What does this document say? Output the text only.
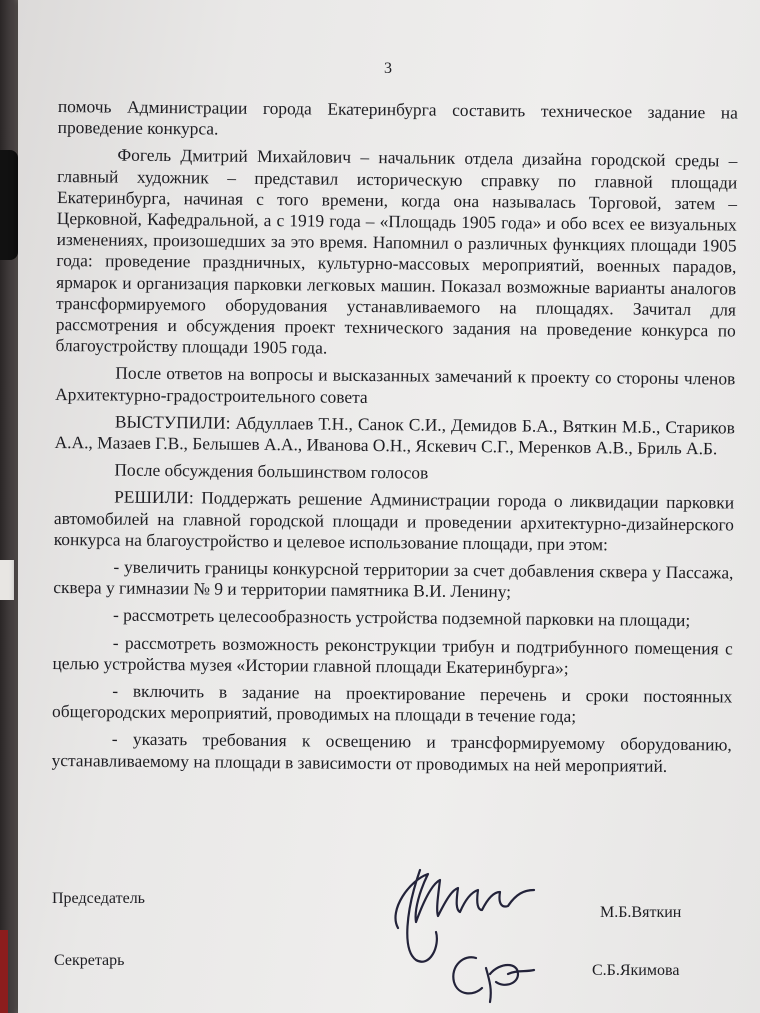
3

помочь Администрации города Екатеринбурга составить техническое задание на проведение конкурса.

Фогель Дмитрий Михайлович – начальник отдела дизайна городской среды – главный художник – представил историческую справку по главной площади Екатеринбурга, начиная с того времени, когда она называлась Торговой, затем – Церковной, Кафедральной, а с 1919 года – «Площадь 1905 года» и обо всех ее визуальных изменениях, произошедших за это время. Напомнил о различных функциях площади 1905 года: проведение праздничных, культурно-массовых мероприятий, военных парадов, ярмарок и организация парковки легковых машин. Показал возможные варианты аналогов трансформируемого оборудования устанавливаемого на площадях. Зачитал для рассмотрения и обсуждения проект технического задания на проведение конкурса по благоустройству площади 1905 года.

После ответов на вопросы и высказанных замечаний к проекту со стороны членов Архитектурно-градостроительного совета

ВЫСТУПИЛИ: Абдуллаев Т.Н., Санок С.И., Демидов Б.А., Вяткин М.Б., Стариков А.А., Мазаев Г.В., Белышев А.А., Иванова О.Н., Яскевич С.Г., Меренков А.В., Бриль А.Б.

После обсуждения большинством голосов

РЕШИЛИ: Поддержать решение Администрации города о ликвидации парковки автомобилей на главной городской площади и проведении архитектурно-дизайнерского конкурса на благоустройство и целевое использование площади, при этом:

- увеличить границы конкурсной территории за счет добавления сквера у Пассажа, сквера у гимназии № 9 и территории памятника В.И. Ленину;

- рассмотреть целесообразность устройства подземной парковки на площади;

- рассмотреть возможность реконструкции трибун и подтрибунного помещения с целью устройства музея «Истории главной площади Екатеринбурга»;

- включить в задание на проектирование перечень и сроки постоянных общегородских мероприятий, проводимых на площади в течение года;

- указать требования к освещению и трансформируемому оборудованию, устанавливаемому на площади в зависимости от проводимых на ней мероприятий.

Председатель
М.Б.Вяткин
Секретарь
С.Б.Якимова
